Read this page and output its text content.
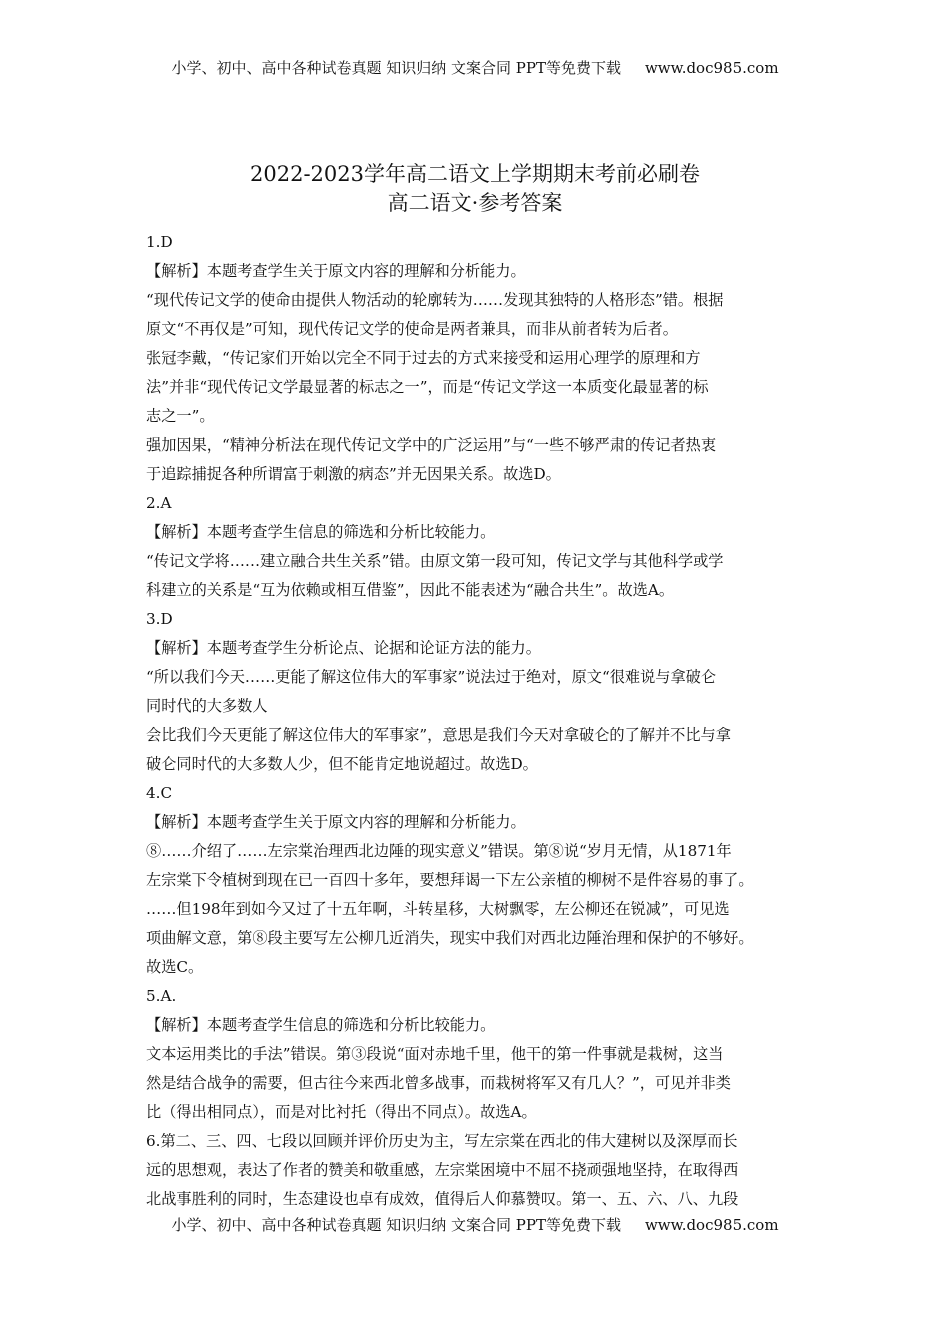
小学、初中、高中各种试卷真题 知识归纳 文案合同 PPT等免费下载 www.doc985.com
2022-2023学年高二语文上学期期末考前必刷卷
高二语文·参考答案
1.D
【解析】本题考查学生关于原文内容的理解和分析能力。
“现代传记文学的使命由提供人物活动的轮廓转为……发现其独特的人格形态”错。根据
原文“不再仅是”可知，现代传记文学的使命是两者兼具，而非从前者转为后者。
张冠李戴，“传记家们开始以完全不同于过去的方式来接受和运用心理学的原理和方
法”并非“现代传记文学最显著的标志之一”，而是“传记文学这一本质变化最显著的标
志之一”。
强加因果，“精神分析法在现代传记文学中的广泛运用”与“一些不够严肃的传记者热衷
于追踪捕捉各种所谓富于刺激的病态”并无因果关系。故选D。
2.A
【解析】本题考查学生信息的筛选和分析比较能力。
“传记文学将……建立融合共生关系”错。由原文第一段可知，传记文学与其他科学或学
科建立的关系是“互为依赖或相互借鉴”，因此不能表述为“融合共生”。故选A。
3.D
【解析】本题考查学生分析论点、论据和论证方法的能力。
“所以我们今天……更能了解这位伟大的军事家”说法过于绝对，原文“很难说与拿破仑
同时代的大多数人
会比我们今天更能了解这位伟大的军事家”，意思是我们今天对拿破仑的了解并不比与拿
破仑同时代的大多数人少，但不能肯定地说超过。故选D。
4.C
【解析】本题考查学生关于原文内容的理解和分析能力。
⑧……介绍了……左宗棠治理西北边陲的现实意义”错误。第⑧说“岁月无情，从1871年
左宗棠下令植树到现在已一百四十多年，要想拜谒一下左公亲植的柳树不是件容易的事了。
……但198年到如今又过了十五年啊，斗转星移，大树飘零，左公柳还在锐减”，可见选
项曲解文意，第⑧段主要写左公柳几近消失，现实中我们对西北边陲治理和保护的不够好。
故选C。
5.A.
【解析】本题考查学生信息的筛选和分析比较能力。
文本运用类比的手法”错误。第③段说“面对赤地千里，他干的第一件事就是栽树，这当
然是结合战争的需要，但古往今来西北曾多战事，而栽树将军又有几人？”，可见并非类
比（得出相同点），而是对比衬托（得出不同点）。故选A。
6.第二、三、四、七段以回顾并评价历史为主，写左宗棠在西北的伟大建树以及深厚而长
远的思想观，表达了作者的赞美和敬重感，左宗棠困境中不屈不挠顽强地坚持，在取得西
北战事胜利的同时，生态建设也卓有成效，值得后人仰慕赞叹。第一、五、六、八、九段
小学、初中、高中各种试卷真题 知识归纳 文案合同 PPT等免费下载 www.doc985.com
